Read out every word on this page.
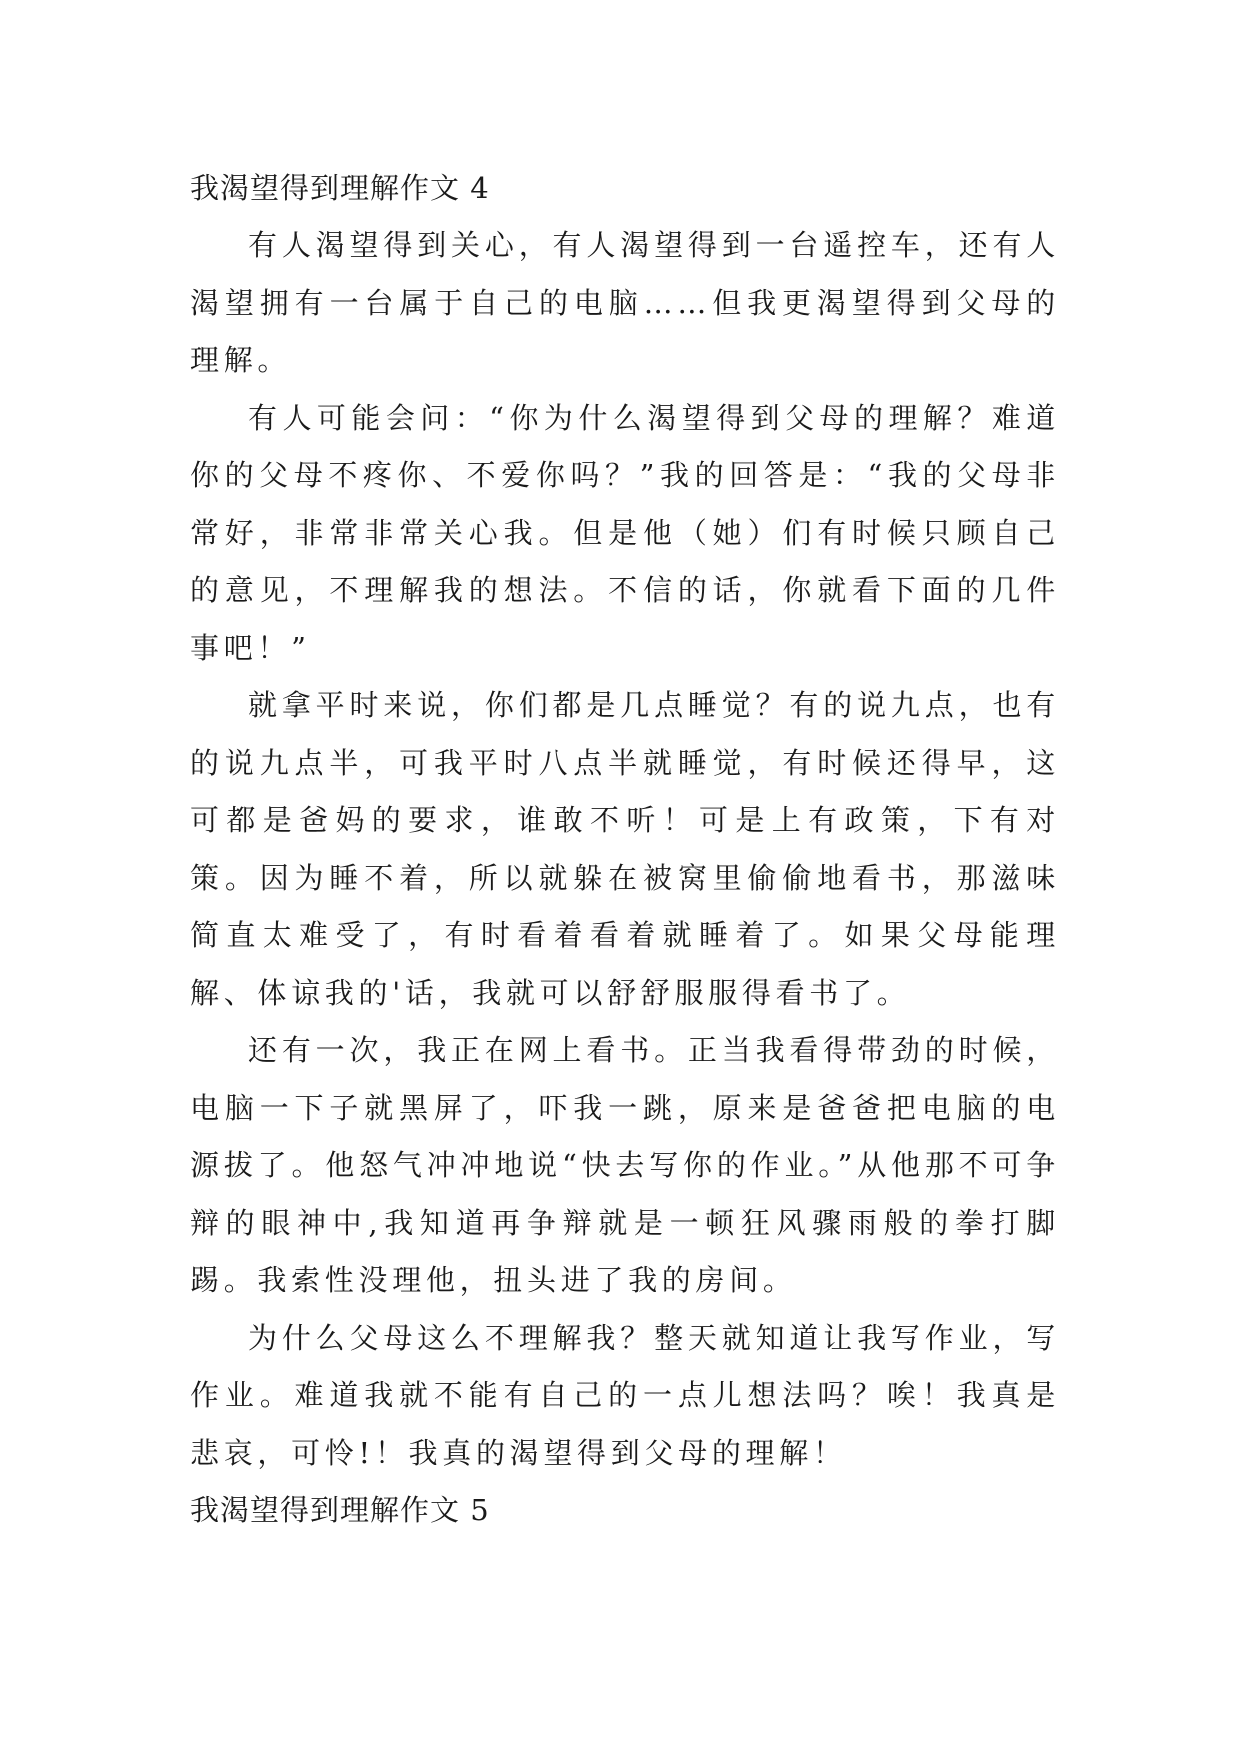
我渴望得到理解作文 4

有人渴望得到关心，有人渴望得到一台遥控车，还有人渴望拥有一台属于自己的电脑……但我更渴望得到父母的理解。

有人可能会问：“你为什么渴望得到父母的理解？难道你的父母不疼你、不爱你吗？”我的回答是：“我的父母非常好，非常非常关心我。但是他（她）们有时候只顾自己的意见，不理解我的想法。不信的话，你就看下面的几件事吧！”

就拿平时来说，你们都是几点睡觉？有的说九点，也有的说九点半，可我平时八点半就睡觉，有时候还得早，这可都是爸妈的要求，谁敢不听！可是上有政策，下有对策。因为睡不着，所以就躲在被窝里偷偷地看书，那滋味简直太难受了，有时看着看着就睡着了。如果父母能理解、体谅我的'话，我就可以舒舒服服得看书了。

还有一次，我正在网上看书。正当我看得带劲的时候，电脑一下子就黑屏了，吓我一跳，原来是爸爸把电脑的电源拔了。他怒气冲冲地说“快去写你的作业。”从他那不可争辩的眼神中,我知道再争辩就是一顿狂风骤雨般的拳打脚踢。我索性没理他，扭头进了我的房间。

为什么父母这么不理解我？整天就知道让我写作业，写作业。难道我就不能有自己的一点儿想法吗？唉！我真是悲哀，可怜!！我真的渴望得到父母的理解！

我渴望得到理解作文 5
